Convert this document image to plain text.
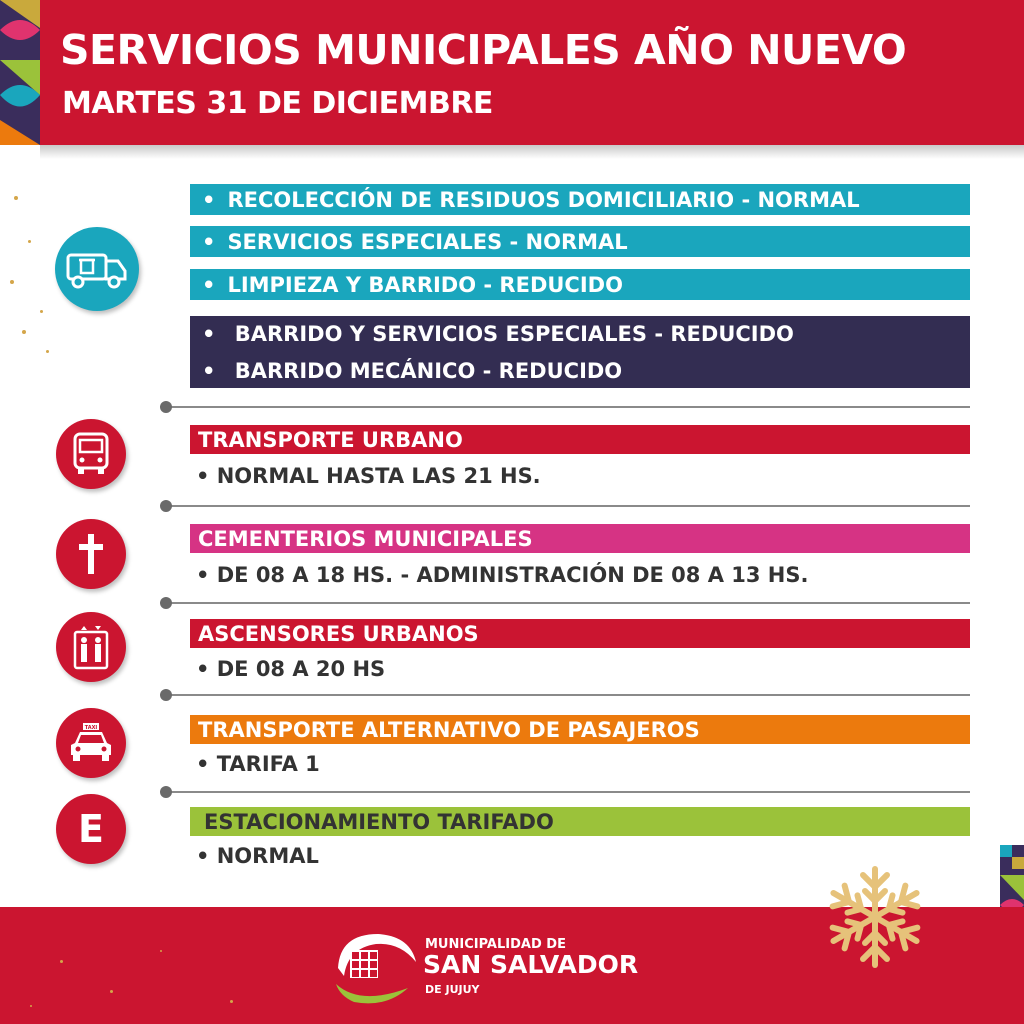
SERVICIOS MUNICIPALES AÑO NUEVO
MARTES 31 DE DICIEMBRE
• RECOLECCIÓN DE RESIDUOS DOMICILIARIO - NORMAL
• SERVICIOS ESPECIALES - NORMAL
• LIMPIEZA Y BARRIDO - REDUCIDO
• BARRIDO Y SERVICIOS ESPECIALES - REDUCIDO
• BARRIDO MECÁNICO - REDUCIDO
TRANSPORTE URBANO
• NORMAL HASTA LAS 21 HS.
CEMENTERIOS MUNICIPALES
• DE 08 A 18 HS. - ADMINISTRACIÓN DE 08 A 13 HS.
ASCENSORES URBANOS
• DE 08 A 20 HS
TAXI	TRANSPORTE ALTERNATIVO DE PASAJEROS
• TARIFA 1
E	ESTACIONAMIENTO TARIFADO
• NORMAL
MUNICIPALIDAD DE
SAN SALVADOR
DE JUJUY
